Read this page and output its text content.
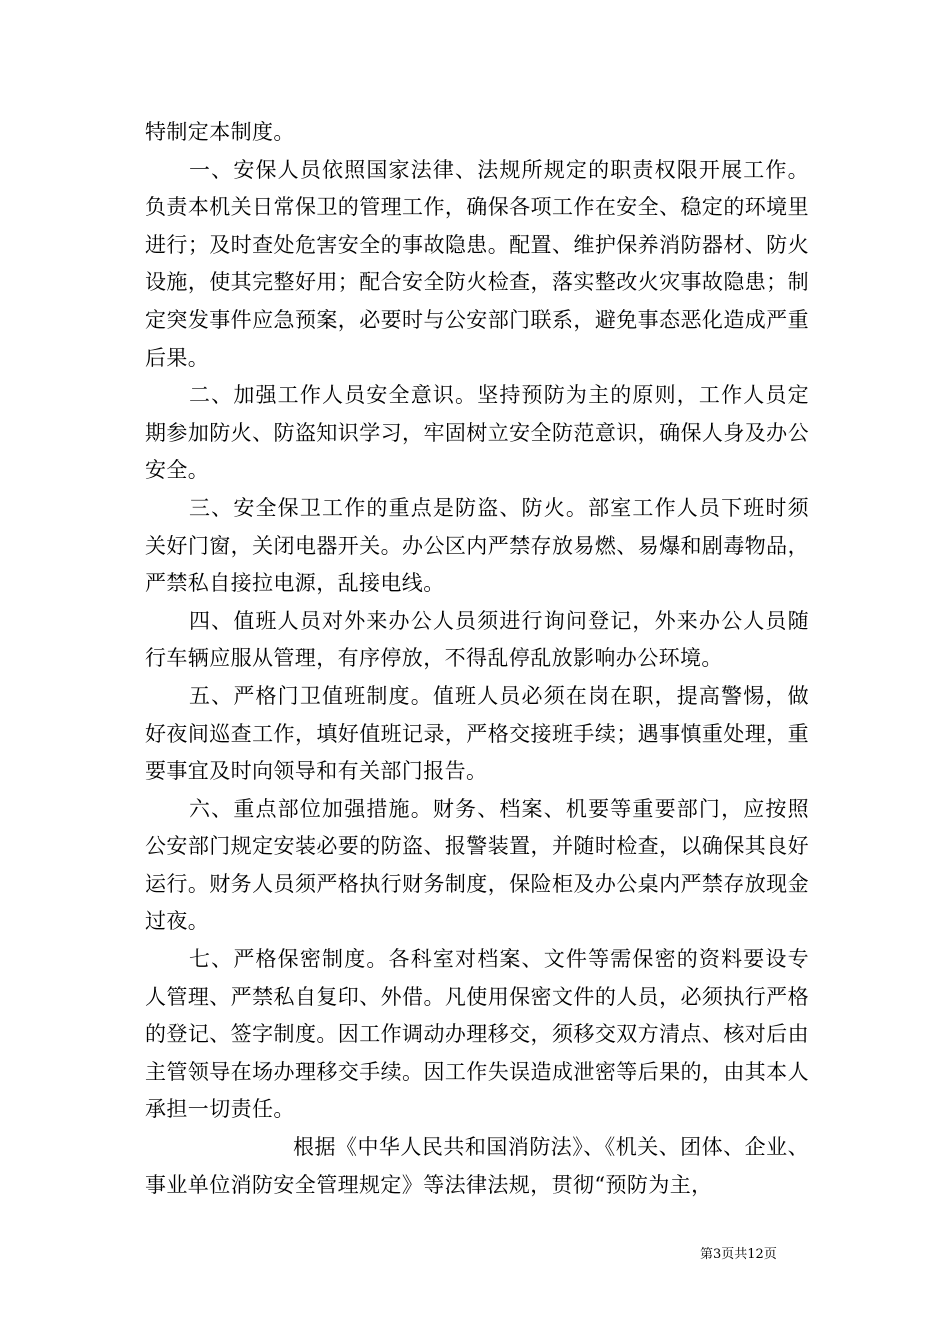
特制定本制度。

一、安保人员依照国家法律、法规所规定的职责权限开展工作。负责本机关日常保卫的管理工作，确保各项工作在安全、稳定的环境里进行；及时查处危害安全的事故隐患。配置、维护保养消防器材、防火设施，使其完整好用；配合安全防火检查，落实整改火灾事故隐患；制定突发事件应急预案，必要时与公安部门联系，避免事态恶化造成严重后果。

二、加强工作人员安全意识。坚持预防为主的原则，工作人员定期参加防火、防盗知识学习，牢固树立安全防范意识，确保人身及办公安全。

三、安全保卫工作的重点是防盗、防火。部室工作人员下班时须关好门窗，关闭电器开关。办公区内严禁存放易燃、易爆和剧毒物品，严禁私自接拉电源，乱接电线。

四、值班人员对外来办公人员须进行询问登记，外来办公人员随行车辆应服从管理，有序停放，不得乱停乱放影响办公环境。

五、严格门卫值班制度。值班人员必须在岗在职，提高警惕，做好夜间巡查工作，填好值班记录，严格交接班手续；遇事慎重处理，重要事宜及时向领导和有关部门报告。

六、重点部位加强措施。财务、档案、机要等重要部门，应按照公安部门规定安装必要的防盗、报警装置，并随时检查，以确保其良好运行。财务人员须严格执行财务制度，保险柜及办公桌内严禁存放现金过夜。

七、严格保密制度。各科室对档案、文件等需保密的资料要设专人管理、严禁私自复印、外借。凡使用保密文件的人员，必须执行严格的登记、签字制度。因工作调动办理移交，须移交双方清点、核对后由主管领导在场办理移交手续。因工作失误造成泄密等后果的，由其本人承担一切责任。

根据《中华人民共和国消防法》、《机关、团体、企业、事业单位消防安全管理规定》等法律法规，贯彻“预防为主，

第3页共12页
